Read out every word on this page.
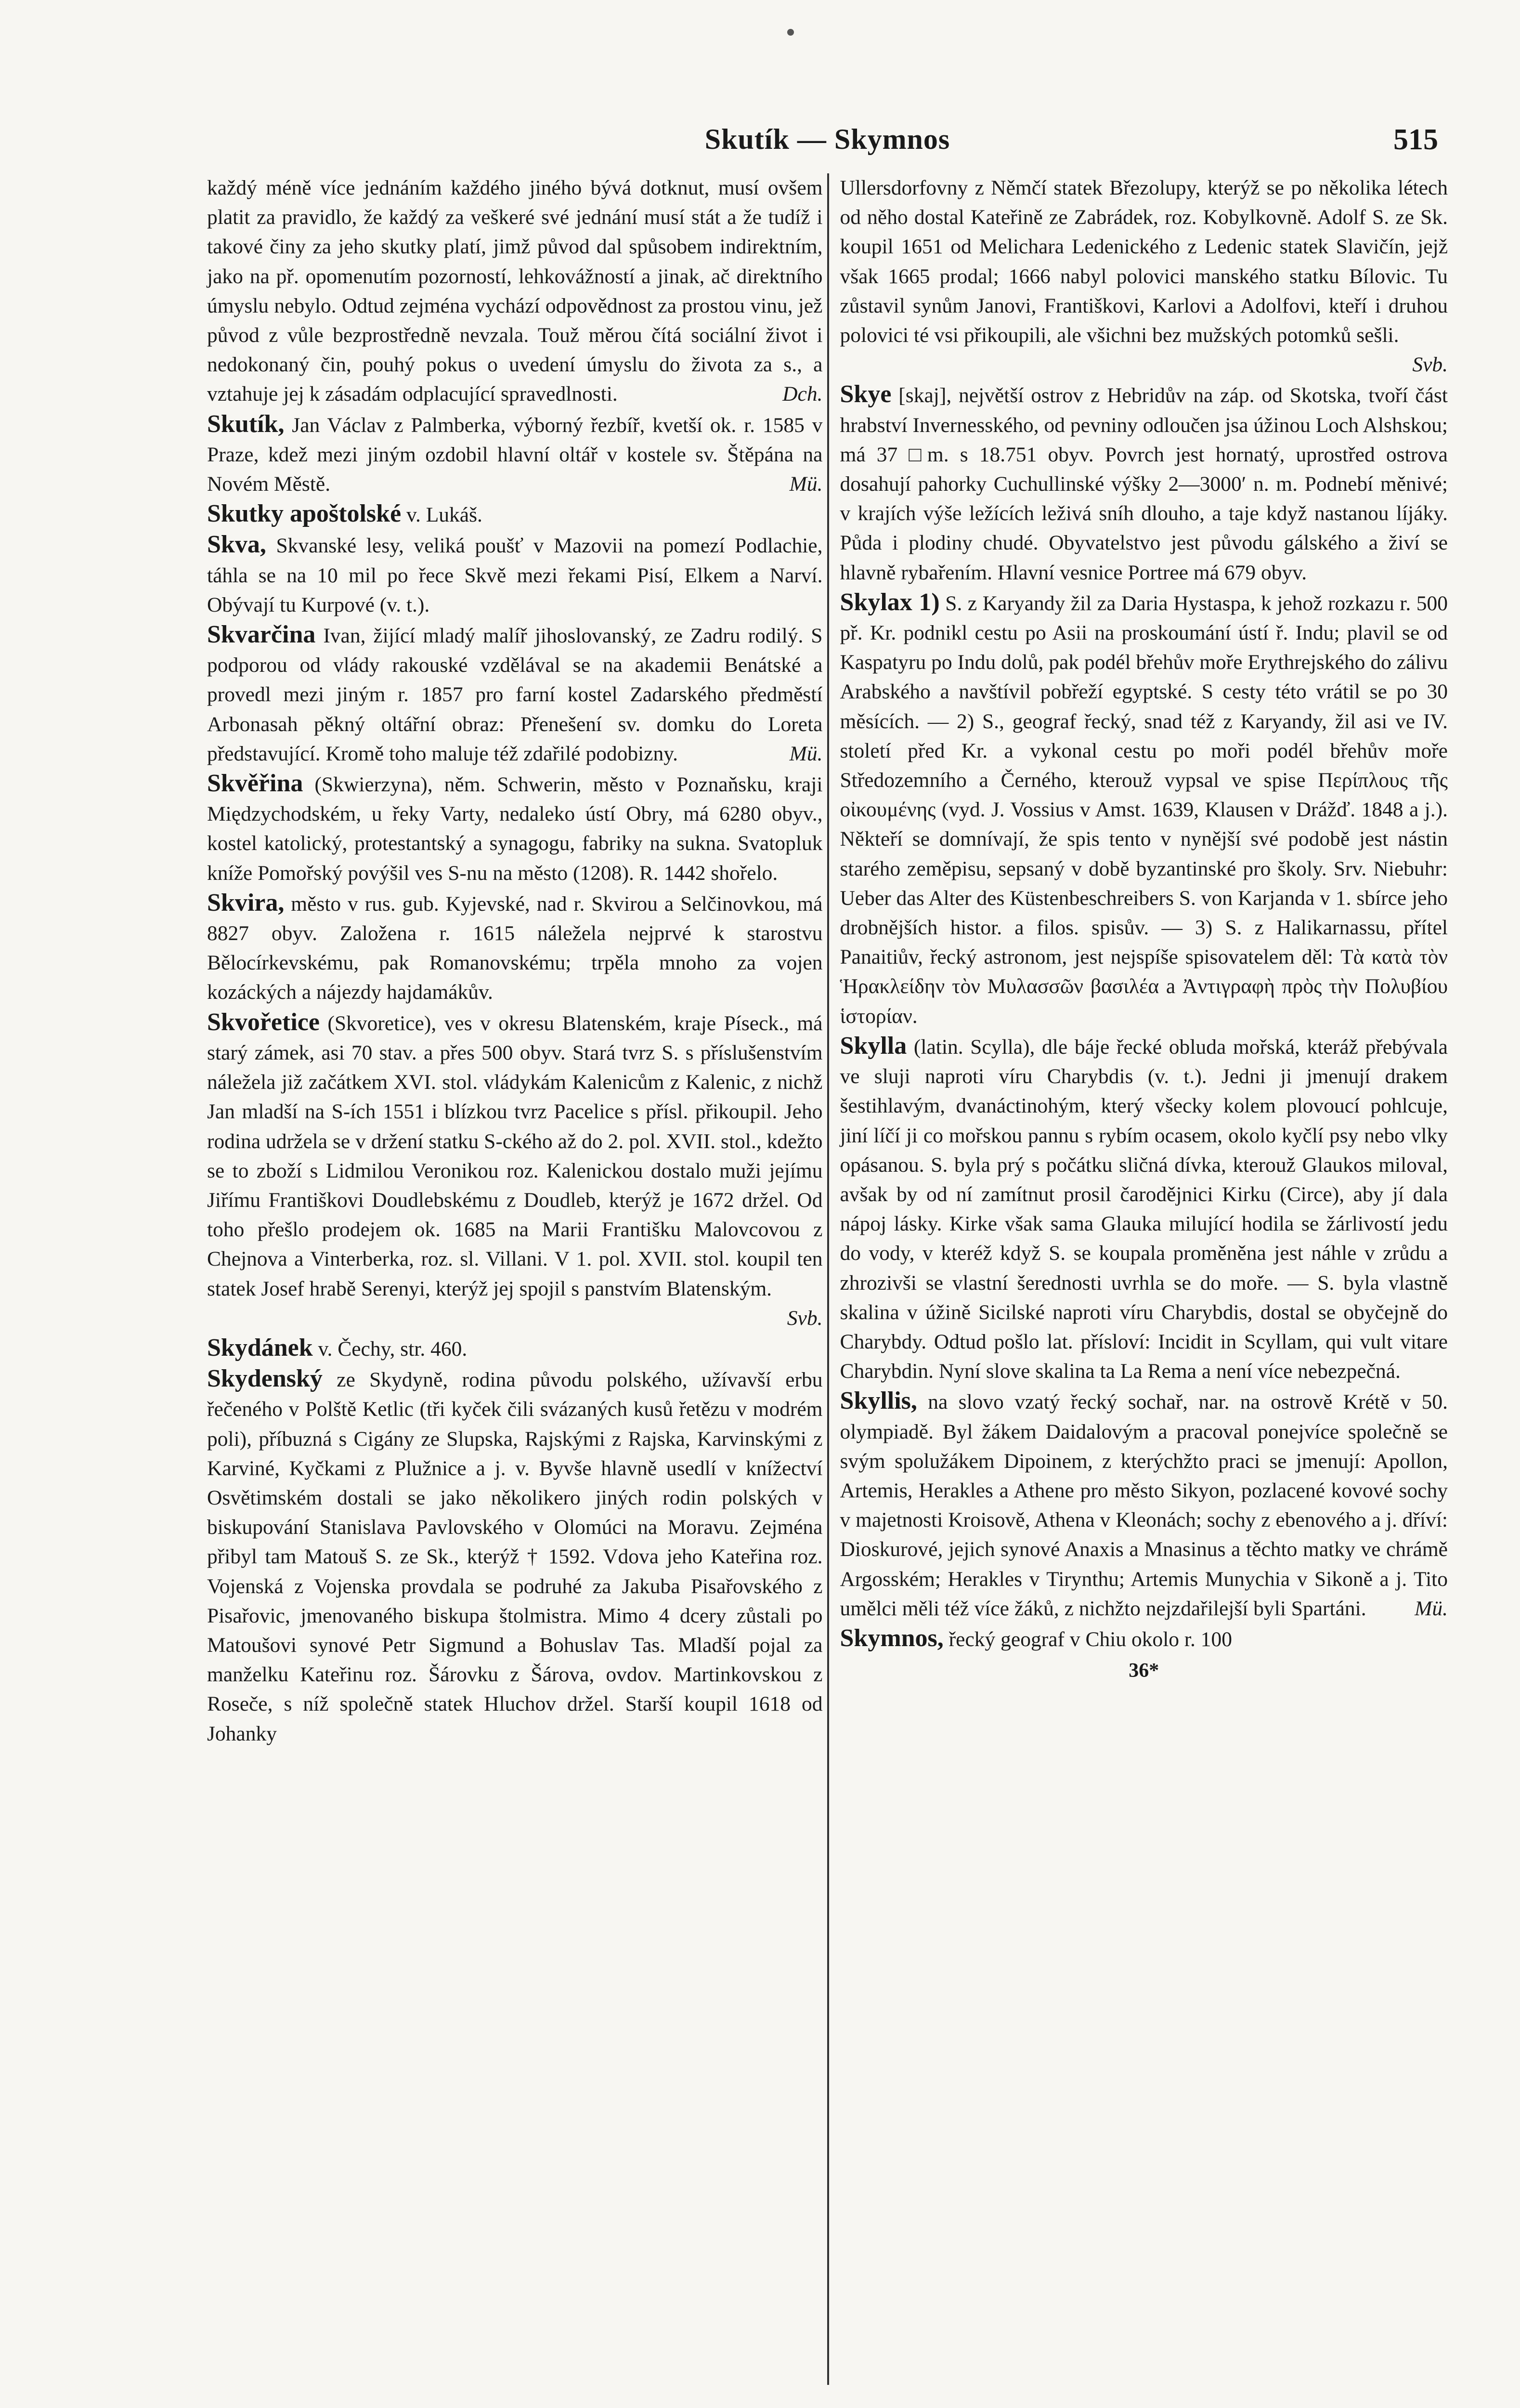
Skutík — Skymnos	515

každý méně více jednáním každého jiného bývá dotknut, musí ovšem platit za pravidlo, že každý za veškeré své jednání musí stát a že tudíž i takové činy za jeho skutky platí, jimž původ dal spůsobem indirektním, jako na př. opomenutím pozorností, lehkovážností a jinak, ač direktního úmyslu nebylo. Odtud zejména vychází odpovědnost za prostou vinu, jež původ z vůle bezprostředně nevzala. Touž měrou čítá sociální život i nedokonaný čin, pouhý pokus o uvedení úmyslu do života za s., a vztahuje jej k zásadám odplacující spravedlnosti.	Dch.

Skutík, Jan Václav z Palmberka, výborný řezbíř, kvetší ok. r. 1585 v Praze, kdež mezi jiným ozdobil hlavní oltář v kostele sv. Štěpána na Novém Městě.	Mü.

Skutky apoštolské v. Lukáš.

Skva, Skvanské lesy, veliká poušť v Mazovii na pomezí Podlachie, táhla se na 10 mil po řece Skvě mezi řekami Pisí, Elkem a Narví. Obývají tu Kurpové (v. t.).

Skvarčina Ivan, žijící mladý malíř jihoslovanský, ze Zadru rodilý. S podporou od vlády rakouské vzdělával se na akademii Benátské a provedl mezi jiným r. 1857 pro farní kostel Zadarského předměstí Arbonasah pěkný oltářní obraz: Přenešení sv. domku do Loreta představující. Kromě toho maluje též zdařilé podobizny.	Mü.

Skvěřina (Skwierzyna), něm. Schwerin, město v Poznaňsku, kraji Międzychodském, u řeky Varty, nedaleko ústí Obry, má 6280 obyv., kostel katolický, protestantský a synagogu, fabriky na sukna. Svatopluk kníže Pomořský povýšil ves S-nu na město (1208). R. 1442 shořelo.

Skvira, město v rus. gub. Kyjevské, nad r. Skvirou a Selčinovkou, má 8827 obyv. Založena r. 1615 náležela nejprvé k starostvu Bělocírkevskému, pak Romanovskému; trpěla mnoho za vojen kozáckých a nájezdy hajdamákův.

Skvořetice (Skvoretice), ves v okresu Blatenském, kraje Píseck., má starý zámek, asi 70 stav. a přes 500 obyv. Stará tvrz S. s příslušenstvím náležela již začátkem XVI. stol. vládykám Kalenicům z Kalenic, z nichž Jan mladší na S-ích 1551 i blízkou tvrz Pacelice s přísl. přikoupil. Jeho rodina udržela se v držení statku S-ckého až do 2. pol. XVII. stol., kdežto se to zboží s Lidmilou Veronikou roz. Kalenickou dostalo muži jejímu Jiřímu Františkovi Doudlebskému z Doudleb, kterýž je 1672 držel. Od toho přešlo prodejem ok. 1685 na Marii Františku Malovcovou z Chejnova a Vinterberka, roz. sl. Villani. V 1. pol. XVII. stol. koupil ten statek Josef hrabě Serenyi, kterýž jej spojil s panstvím Blatenským.
Svb.

Skydánek v. Čechy, str. 460.

Skydenský ze Skydyně, rodina původu polského, užívavší erbu řečeného v Polště Ketlic (tři kyček čili svázaných kusů řetězu v modrém poli), příbuzná s Cigány ze Slupska, Rajskými z Rajska, Karvinskými z Karviné, Kyčkami z Plužnice a j. v. Byvše hlavně usedlí v knížectví Osvětimském dostali se jako několikero jiných rodin polských v biskupování Stanislava Pavlovského v Olomúci na Moravu. Zejména přibyl tam Matouš S. ze Sk., kterýž † 1592. Vdova jeho Kateřina roz. Vojenská z Vojenska provdala se podruhé za Jakuba Pisařovského z Pisařovic, jmenovaného biskupa štolmistra. Mimo 4 dcery zůstali po Matoušovi synové Petr Sigmund a Bohuslav Tas. Mladší pojal za manželku Kateřinu roz. Šárovku z Šárova, ovdov. Martinkovskou z Roseče, s níž společně statek Hluchov držel. Starší koupil 1618 od Johanky

Ullersdorfovny z Němčí statek Březolupy, kterýž se po několika létech od něho dostal Kateřině ze Zabrádek, roz. Kobylkovně. Adolf S. ze Sk. koupil 1651 od Melichara Ledenického z Ledenic statek Slavičín, jejž však 1665 prodal; 1666 nabyl polovici manského statku Bílovic. Tu zůstavil synům Janovi, Františkovi, Karlovi a Adolfovi, kteří i druhou polovici té vsi přikoupili, ale všichni bez mužských potomků sešli.
Svb.

Skye [skaj], největší ostrov z Hebridův na záp. od Skotska, tvoří část hrabství Invernesského, od pevniny odloučen jsa úžinou Loch Alshskou; má 37 □m. s 18.751 obyv. Povrch jest hornatý, uprostřed ostrova dosahují pahorky Cuchullinské výšky 2—3000′ n. m. Podnebí měnivé; v krajích výše ležících leživá sníh dlouho, a taje když nastanou líjáky. Půda i plodiny chudé. Obyvatelstvo jest původu gálského a živí se hlavně rybařením. Hlavní vesnice Portree má 679 obyv.

Skylax 1) S. z Karyandy žil za Daria Hystaspa, k jehož rozkazu r. 500 př. Kr. podnikl cestu po Asii na proskoumání ústí ř. Indu; plavil se od Kaspatyru po Indu dolů, pak podél břehův moře Erythrejského do zálivu Arabského a navštívil pobřeží egyptské. S cesty této vrátil se po 30 měsících. — 2) S., geograf řecký, snad též z Karyandy, žil asi ve IV. století před Kr. a vykonal cestu po moři podél břehův moře Středozemního a Černého, kterouž vypsal ve spise Περίπλους τῆς οἰκουμένης (vyd. J. Vossius v Amst. 1639, Klausen v Drážď. 1848 a j.). Někteří se domnívají, že spis tento v nynější své podobě jest nástin starého zeměpisu, sepsaný v době byzantinské pro školy. Srv. Niebuhr: Ueber das Alter des Küstenbeschreibers S. von Karjanda v 1. sbírce jeho drobnějších histor. a filos. spisův. — 3) S. z Halikarnassu, přítel Panaitiův, řecký astronom, jest nejspíše spisovatelem děl: Τὰ κατὰ τὸν Ἡρακλείδην τὸν Μυλασσῶν βασιλέα a Ἀντιγραφὴ πρὸς τὴν Πολυβίου ἱστορίαν.

Skylla (latin. Scylla), dle báje řecké obluda mořská, kteráž přebývala ve sluji naproti víru Charybdis (v. t.). Jedni ji jmenují drakem šestihlavým, dvanáctinohým, který všecky kolem plovoucí pohlcuje, jiní líčí ji co mořskou pannu s rybím ocasem, okolo kyčlí psy nebo vlky opásanou. S. byla prý s počátku sličná dívka, kterouž Glaukos miloval, avšak by od ní zamítnut prosil čarodějnici Kirku (Circe), aby jí dala nápoj lásky. Kirke však sama Glauka milující hodila se žárlivostí jedu do vody, v kteréž když S. se koupala proměněna jest náhle v zrůdu a zhrozivši se vlastní šerednosti uvrhla se do moře. — S. byla vlastně skalina v úžině Sicilské naproti víru Charybdis, dostal se obyčejně do Charybdy. Odtud pošlo lat. přísloví: Incidit in Scyllam, qui vult vitare Charybdin. Nyní slove skalina ta La Rema a není více nebezpečná.

Skyllis, na slovo vzatý řecký sochař, nar. na ostrově Krétě v 50. olympiadě. Byl žákem Daidalovým a pracoval ponejvíce společně se svým spolužákem Dipoinem, z kterýchžto praci se jmenují: Apollon, Artemis, Herakles a Athene pro město Sikyon, pozlacené kovové sochy v majetnosti Kroisově, Athena v Kleonách; sochy z ebenového a j. dříví: Dioskurové, jejich synové Anaxis a Mnasinus a těchto matky ve chrámě Argosském; Herakles v Tirynthu; Artemis Munychia v Sikoně a j. Tito umělci měli též více žáků, z nichžto nejzdařilejší byli Spartáni.	Mü.

Skymnos, řecký geograf v Chiu okolo r. 100

36*
